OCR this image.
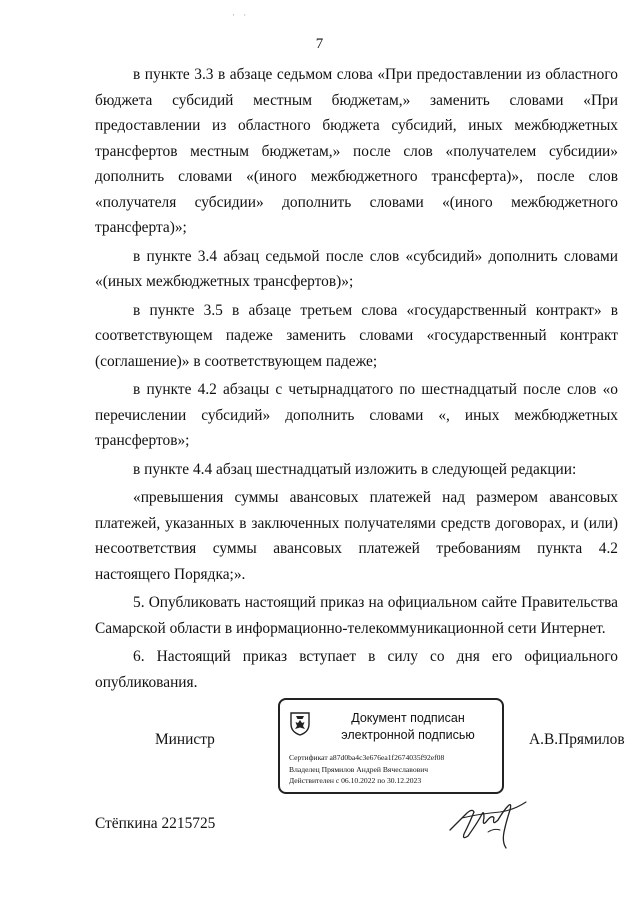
· ·
7

в пункте 3.3 в абзаце седьмом слова «При предоставлении из областного бюджета субсидий местным бюджетам,» заменить словами «При предоставлении из областного бюджета субсидий, иных межбюджетных трансфертов местным бюджетам,» после слов «получателем субсидии» дополнить словами «(иного межбюджетного трансферта)», после слов «получателя субсидии» дополнить словами «(иного межбюджетного трансферта)»;

в пункте 3.4 абзац седьмой после слов «субсидий» дополнить словами «(иных межбюджетных трансфертов)»;

в пункте 3.5 в абзаце третьем слова «государственный контракт» в соответствующем падеже заменить словами «государственный контракт (соглашение)» в соответствующем падеже;

в пункте 4.2 абзацы с четырнадцатого по шестнадцатый после слов «о перечислении субсидий» дополнить словами «, иных межбюджетных трансфертов»;

в пункте 4.4 абзац шестнадцатый изложить в следующей редакции:

«превышения суммы авансовых платежей над размером авансовых платежей, указанных в заключенных получателями средств договорах, и (или) несоответствия суммы авансовых платежей требованиям пункта 4.2 настоящего Порядка;».

5. Опубликовать настоящий приказ на официальном сайте Правительства Самарской области в информационно-телекоммуникационной сети Интернет.

6. Настоящий приказ вступает в силу со дня его официального опубликования.

Министр
Документ подписан
электронной подписью
Сертификат a87d0ba4c3e676ea1f2674035f92ef08
Владелец Прямилов Андрей Вячеславович
Действителен с 06.10.2022 по 30.12.2023
А.В.Прямилов
Стёпкина 2215725
